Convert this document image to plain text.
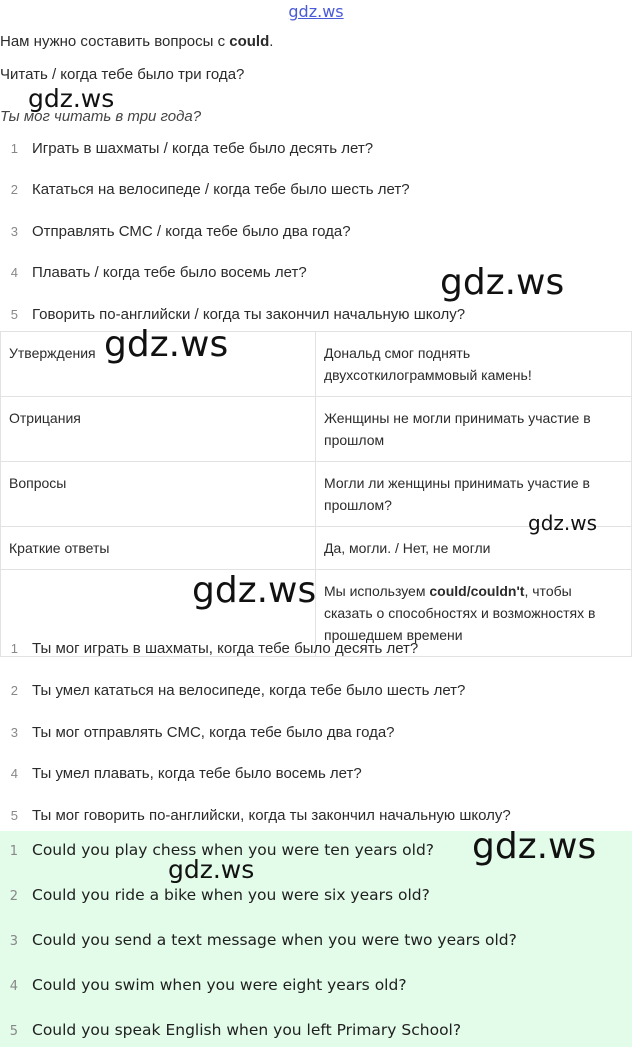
gdz.ws
Нам нужно составить вопросы с could.
Читать / когда тебе было три года?
Ты мог читать в три года?
1 Играть в шахматы / когда тебе было десять лет?
2 Кататься на велосипеде / когда тебе было шесть лет?
3 Отправлять СМС / когда тебе было два года?
4 Плавать / когда тебе было восемь лет?
5 Говорить по-английски / когда ты закончил начальную школу?
Утверждения	Дональд смог поднять двухсоткилограммовый камень!
Отрицания	Женщины не могли принимать участие в прошлом
Вопросы	Могли ли женщины принимать участие в прошлом?
Краткие ответы	Да, могли. / Нет, не могли
	Мы используем could/couldn't, чтобы сказать о способностях и возможностях в прошедшем времени
1 Ты мог играть в шахматы, когда тебе было десять лет?
2 Ты умел кататься на велосипеде, когда тебе было шесть лет?
3 Ты мог отправлять СМС, когда тебе было два года?
4 Ты умел плавать, когда тебе было восемь лет?
5 Ты мог говорить по-английски, когда ты закончил начальную школу?
1 Could you play chess when you were ten years old?
2 Could you ride a bike when you were six years old?
3 Could you send a text message when you were two years old?
4 Could you swim when you were eight years old?
5 Could you speak English when you left Primary School?
gdz.ws
gdz.ws
gdz.ws
gdz.ws
gdz.ws
gdz.ws
gdz.ws
